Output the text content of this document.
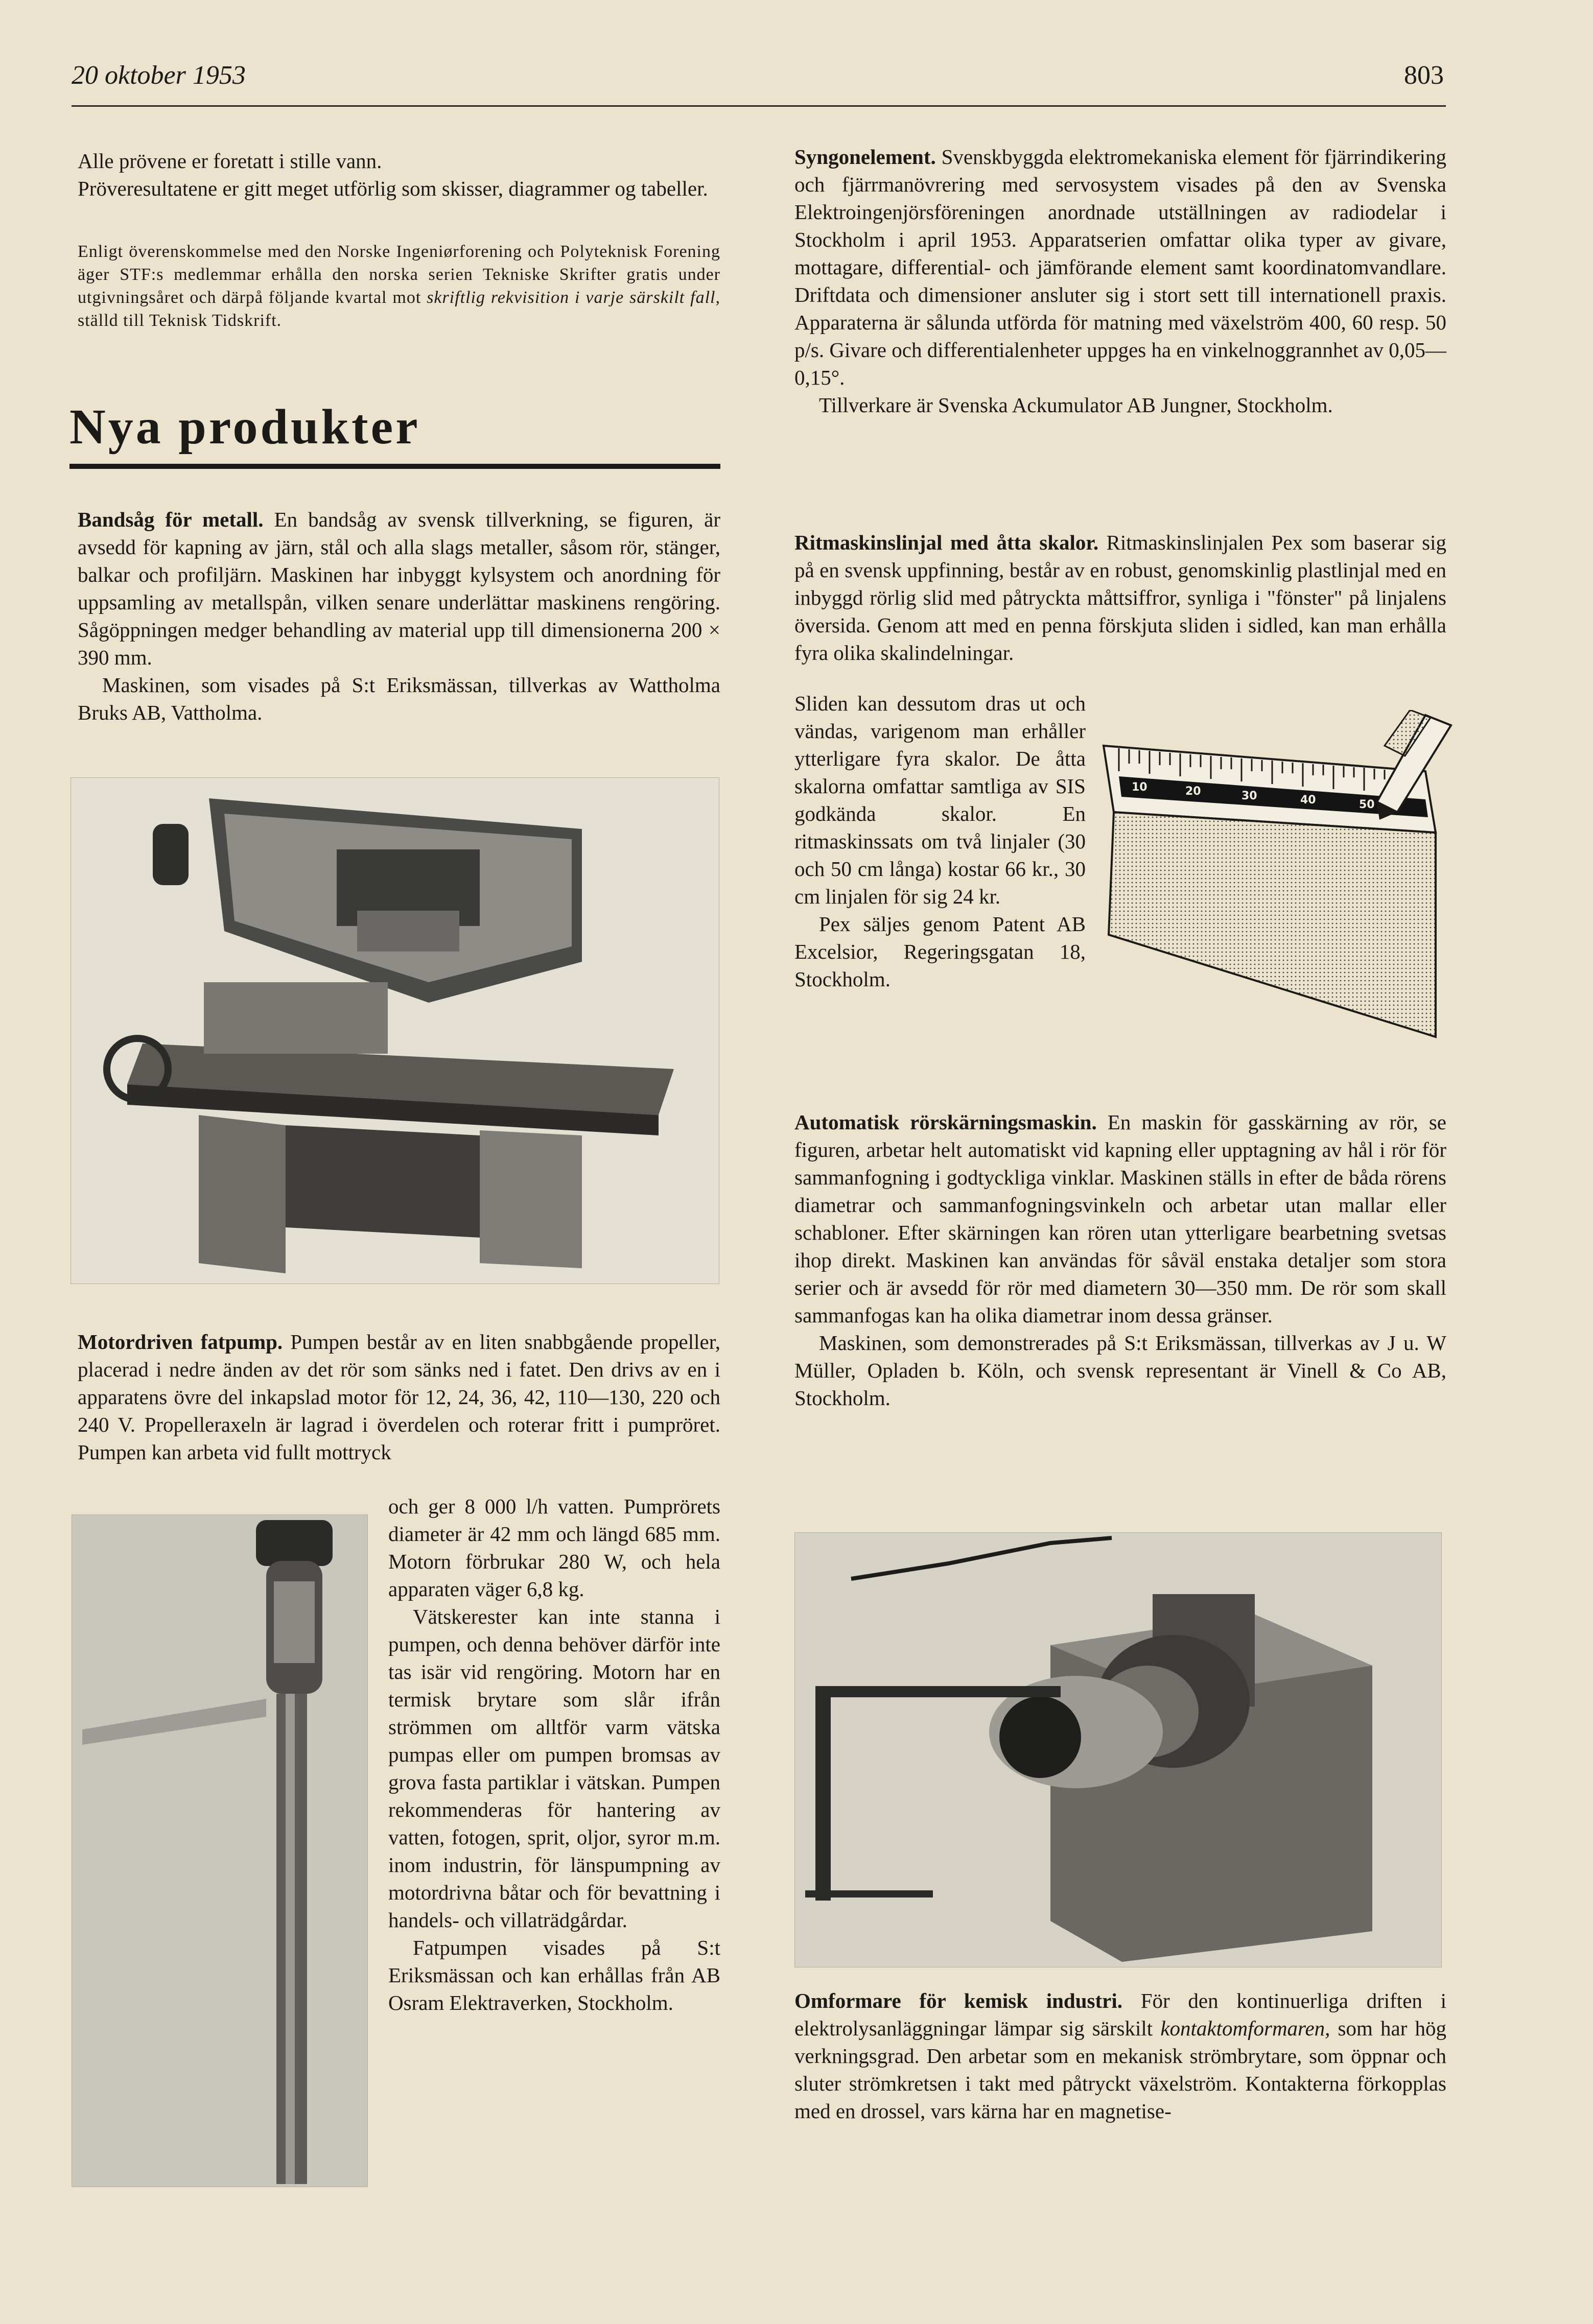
20 oktober 1953	803

Alle prövene er foretatt i stille vann.

Pröveresultatene er gitt meget utförlig som skisser, diagrammer og tabeller.

Enligt överenskommelse med den Norske Ingeniørforening och Polyteknisk Forening äger STF:s medlemmar erhålla den norska serien Tekniske Skrifter gratis under utgivningsåret och därpå följande kvartal mot skriftlig rekvisition i varje särskilt fall, ställd till Teknisk Tidskrift.

Nya produkter

Bandsåg för metall. En bandsåg av svensk tillverkning, se figuren, är avsedd för kapning av järn, stål och alla slags metaller, såsom rör, stänger, balkar och profiljärn. Maskinen har inbyggt kylsystem och anordning för uppsamling av metallspån, vilken senare underlättar maskinens rengöring. Sågöppningen medger behandling av material upp till dimensionerna 200 × 390 mm.

Maskinen, som visades på S:t Eriksmässan, tillverkas av Wattholma Bruks AB, Vattholma.

Motordriven fatpump. Pumpen består av en liten snabbgående propeller, placerad i nedre änden av det rör som sänks ned i fatet. Den drivs av en i apparatens övre del inkapslad motor för 12, 24, 36, 42, 110—130, 220 och 240 V. Propelleraxeln är lagrad i överdelen och roterar fritt i pumpröret. Pumpen kan arbeta vid fullt mottryck

och ger 8 000 l/h vatten. Pumprörets diameter är 42 mm och längd 685 mm. Motorn förbrukar 280 W, och hela apparaten väger 6,8 kg.

Vätskerester kan inte stanna i pumpen, och denna behöver därför inte tas isär vid rengöring. Motorn har en termisk brytare som slår ifrån strömmen om alltför varm vätska pumpas eller om pumpen bromsas av grova fasta partiklar i vätskan. Pumpen rekommenderas för hantering av vatten, fotogen, sprit, oljor, syror m.m. inom industrin, för länspumpning av motordrivna båtar och för bevattning i handels- och villaträdgårdar.

Fatpumpen visades på S:t Eriksmässan och kan erhållas från AB Osram Elektraverken, Stockholm.

Syngonelement. Svenskbyggda elektromekaniska element för fjärrindikering och fjärrmanövrering med servosystem visades på den av Svenska Elektroingenjörsföreningen anordnade utställningen av radiodelar i Stockholm i april 1953. Apparatserien omfattar olika typer av givare, mottagare, differential- och jämförande element samt koordinatomvandlare. Driftdata och dimensioner ansluter sig i stort sett till internationell praxis. Apparaterna är sålunda utförda för matning med växelström 400, 60 resp. 50 p/s. Givare och differentialenheter uppges ha en vinkelnoggrannhet av 0,05—0,15°.

Tillverkare är Svenska Ackumulator AB Jungner, Stockholm.

Ritmaskinslinjal med åtta skalor. Ritmaskinslinjalen Pex som baserar sig på en svensk uppfinning, består av en robust, genomskinlig plastlinjal med en inbyggd rörlig slid med påtryckta måttsiffror, synliga i "fönster" på linjalens översida. Genom att med en penna förskjuta sliden i sidled, kan man erhålla fyra olika skalindelningar.

Sliden kan dessutom dras ut och vändas, varigenom man erhåller ytterligare fyra skalor. De åtta skalorna omfattar samtliga av SIS godkända skalor. En ritmaskinssats om två linjaler (30 och 50 cm långa) kostar 66 kr., 30 cm linjalen för sig 24 kr.

Pex säljes genom Patent AB Excelsior, Regeringsgatan 18, Stockholm.

10	20	30	40	50

Automatisk rörskärningsmaskin. En maskin för gasskärning av rör, se figuren, arbetar helt automatiskt vid kapning eller upptagning av hål i rör för sammanfogning i godtyckliga vinklar. Maskinen ställs in efter de båda rörens diametrar och sammanfogningsvinkeln och arbetar utan mallar eller schabloner. Efter skärningen kan rören utan ytterligare bearbetning svetsas ihop direkt. Maskinen kan användas för såväl enstaka detaljer som stora serier och är avsedd för rör med diametern 30—350 mm. De rör som skall sammanfogas kan ha olika diametrar inom dessa gränser.

Maskinen, som demonstrerades på S:t Eriksmässan, tillverkas av J u. W Müller, Opladen b. Köln, och svensk representant är Vinell & Co AB, Stockholm.

Omformare för kemisk industri. För den kontinuerliga driften i elektrolysanläggningar lämpar sig särskilt kontaktomformaren, som har hög verkningsgrad. Den arbetar som en mekanisk strömbrytare, som öppnar och sluter strömkretsen i takt med påtryckt växelström. Kontakterna förkopplas med en drossel, vars kärna har en magnetise-
